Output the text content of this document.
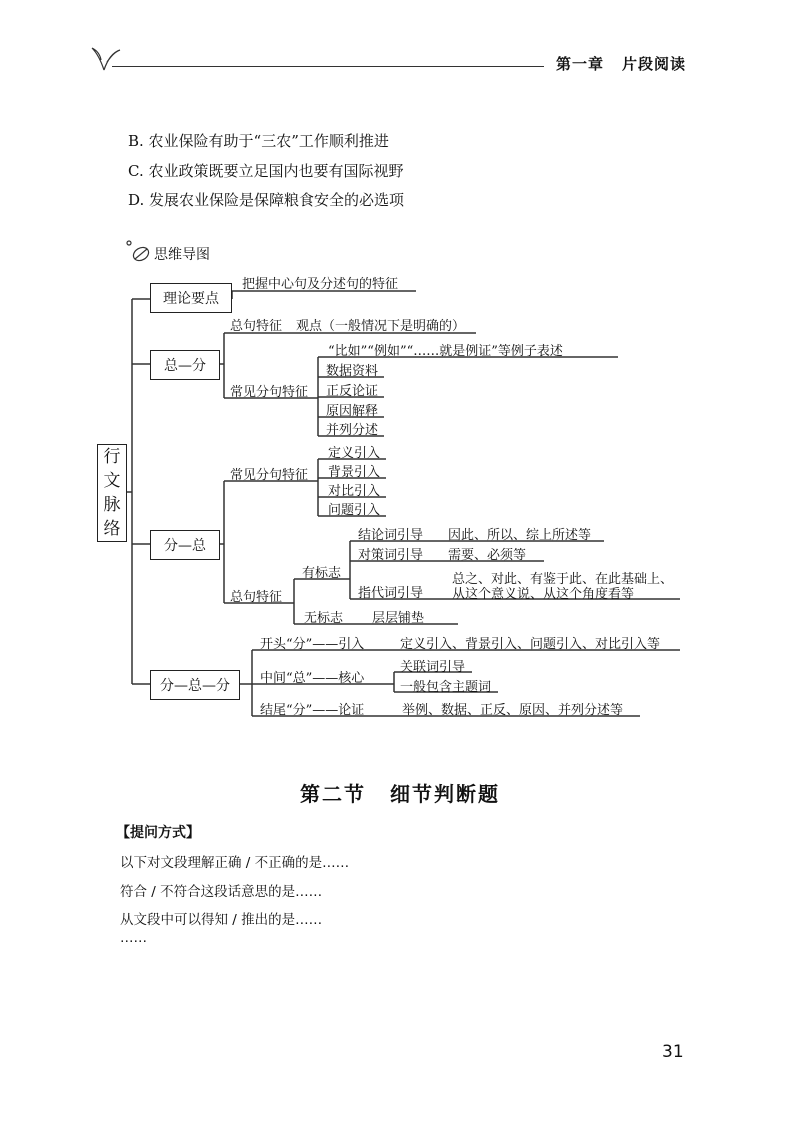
第一章 片段阅读
B. 农业保险有助于“三农”工作顺利推进
C. 农业政策既要立足国内也要有国际视野
D. 发展农业保险是保障粮食安全的必选项
思维导图
行
文
脉
络
理论要点
把握中心句及分述句的特征
总—分
总句特征 观点（一般情况下是明确的）
常见分句特征
“比如”“例如”“……就是例证”等例子表述
数据资料
正反论证
原因解释
并列分述
分—总
常见分句特征
定义引入
背景引入
对比引入
问题引入
总句特征
有标志
结论词引导 因此、所以、综上所述等
对策词引导 需要、必须等
指代词引导
总之、对此、有鉴于此、在此基础上、
从这个意义说、从这个角度看等
无标志 层层铺垫
分—总—分
开头“分”——引入	定义引入、背景引入、问题引入、对比引入等
中间“总”——核心
关联词引导
一般包含主题词
结尾“分”——论证	举例、数据、正反、原因、并列分述等
第二节 细节判断题
【提问方式】
以下对文段理解正确 / 不正确的是……
符合 / 不符合这段话意思的是……
从文段中可以得知 / 推出的是……
……
31
